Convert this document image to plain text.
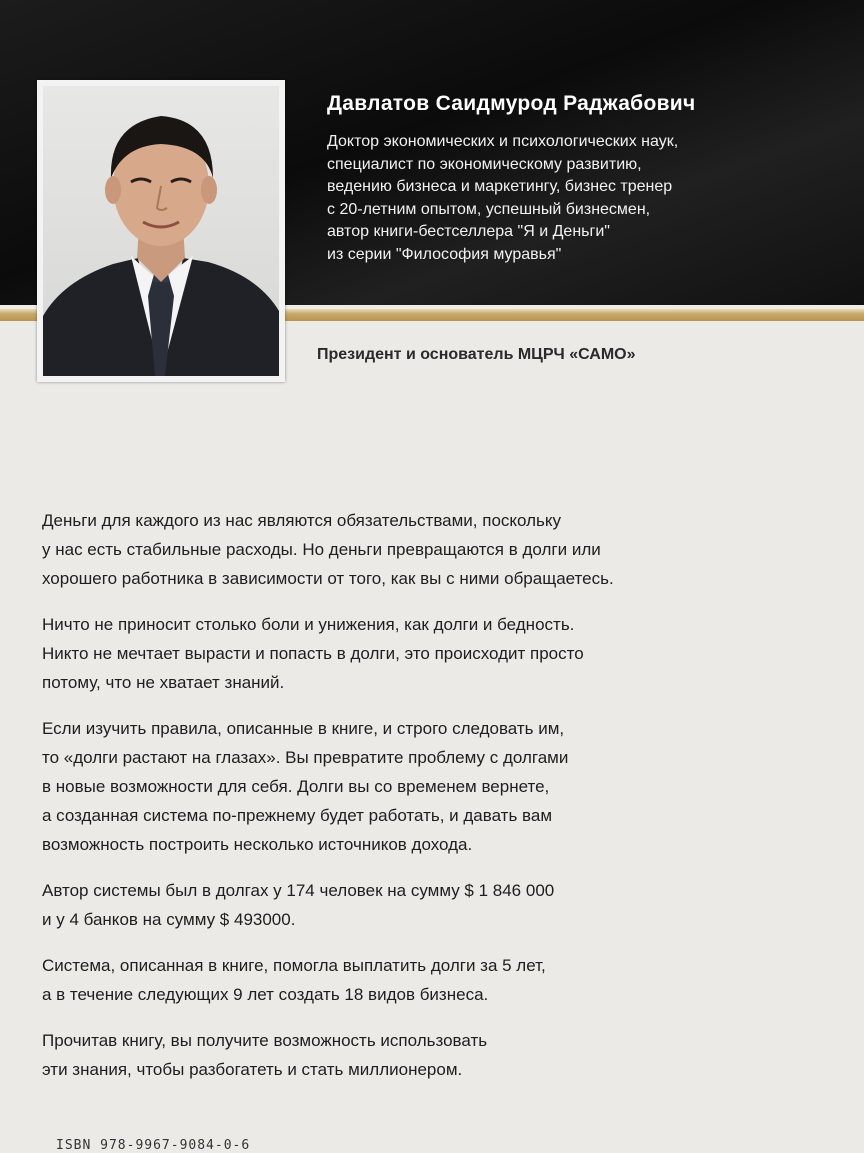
Давлатов Саидмурод Раджабович
Доктор экономических и психологических наук,
специалист по экономическому развитию,
ведению бизнеса и маркетингу, бизнес тренер
с 20-летним опытом, успешный бизнесмен,
автор книги-бестселлера "Я и Деньги"
из серии "Философия муравья"
Президент и основатель МЦРЧ «САМО»
Деньги для каждого из нас являются обязательствами, поскольку
у нас есть стабильные расходы. Но деньги превращаются в долги или
хорошего работника в зависимости от того, как вы с ними обращаетесь.
Ничто не приносит столько боли и унижения, как долги и бедность.
Никто не мечтает вырасти и попасть в долги, это происходит просто
потому, что не хватает знаний.
Если изучить правила, описанные в книге, и строго следовать им,
то «долги растают на глазах». Вы превратите проблему с долгами
в новые возможности для себя. Долги вы со временем вернете,
а созданная система по-прежнему будет работать, и давать вам
возможность построить несколько источников дохода.
Автор системы был в долгах у 174 человек на сумму $ 1 846 000
и у 4 банков на сумму $ 493000.
Система, описанная в книге, помогла выплатить долги за 5 лет,
а в течение следующих 9 лет создать 18 видов бизнеса.
Прочитав книгу, вы получите возможность использовать
эти знания, чтобы разбогатеть и стать миллионером.
ISBN 978-9967-9084-0-6
